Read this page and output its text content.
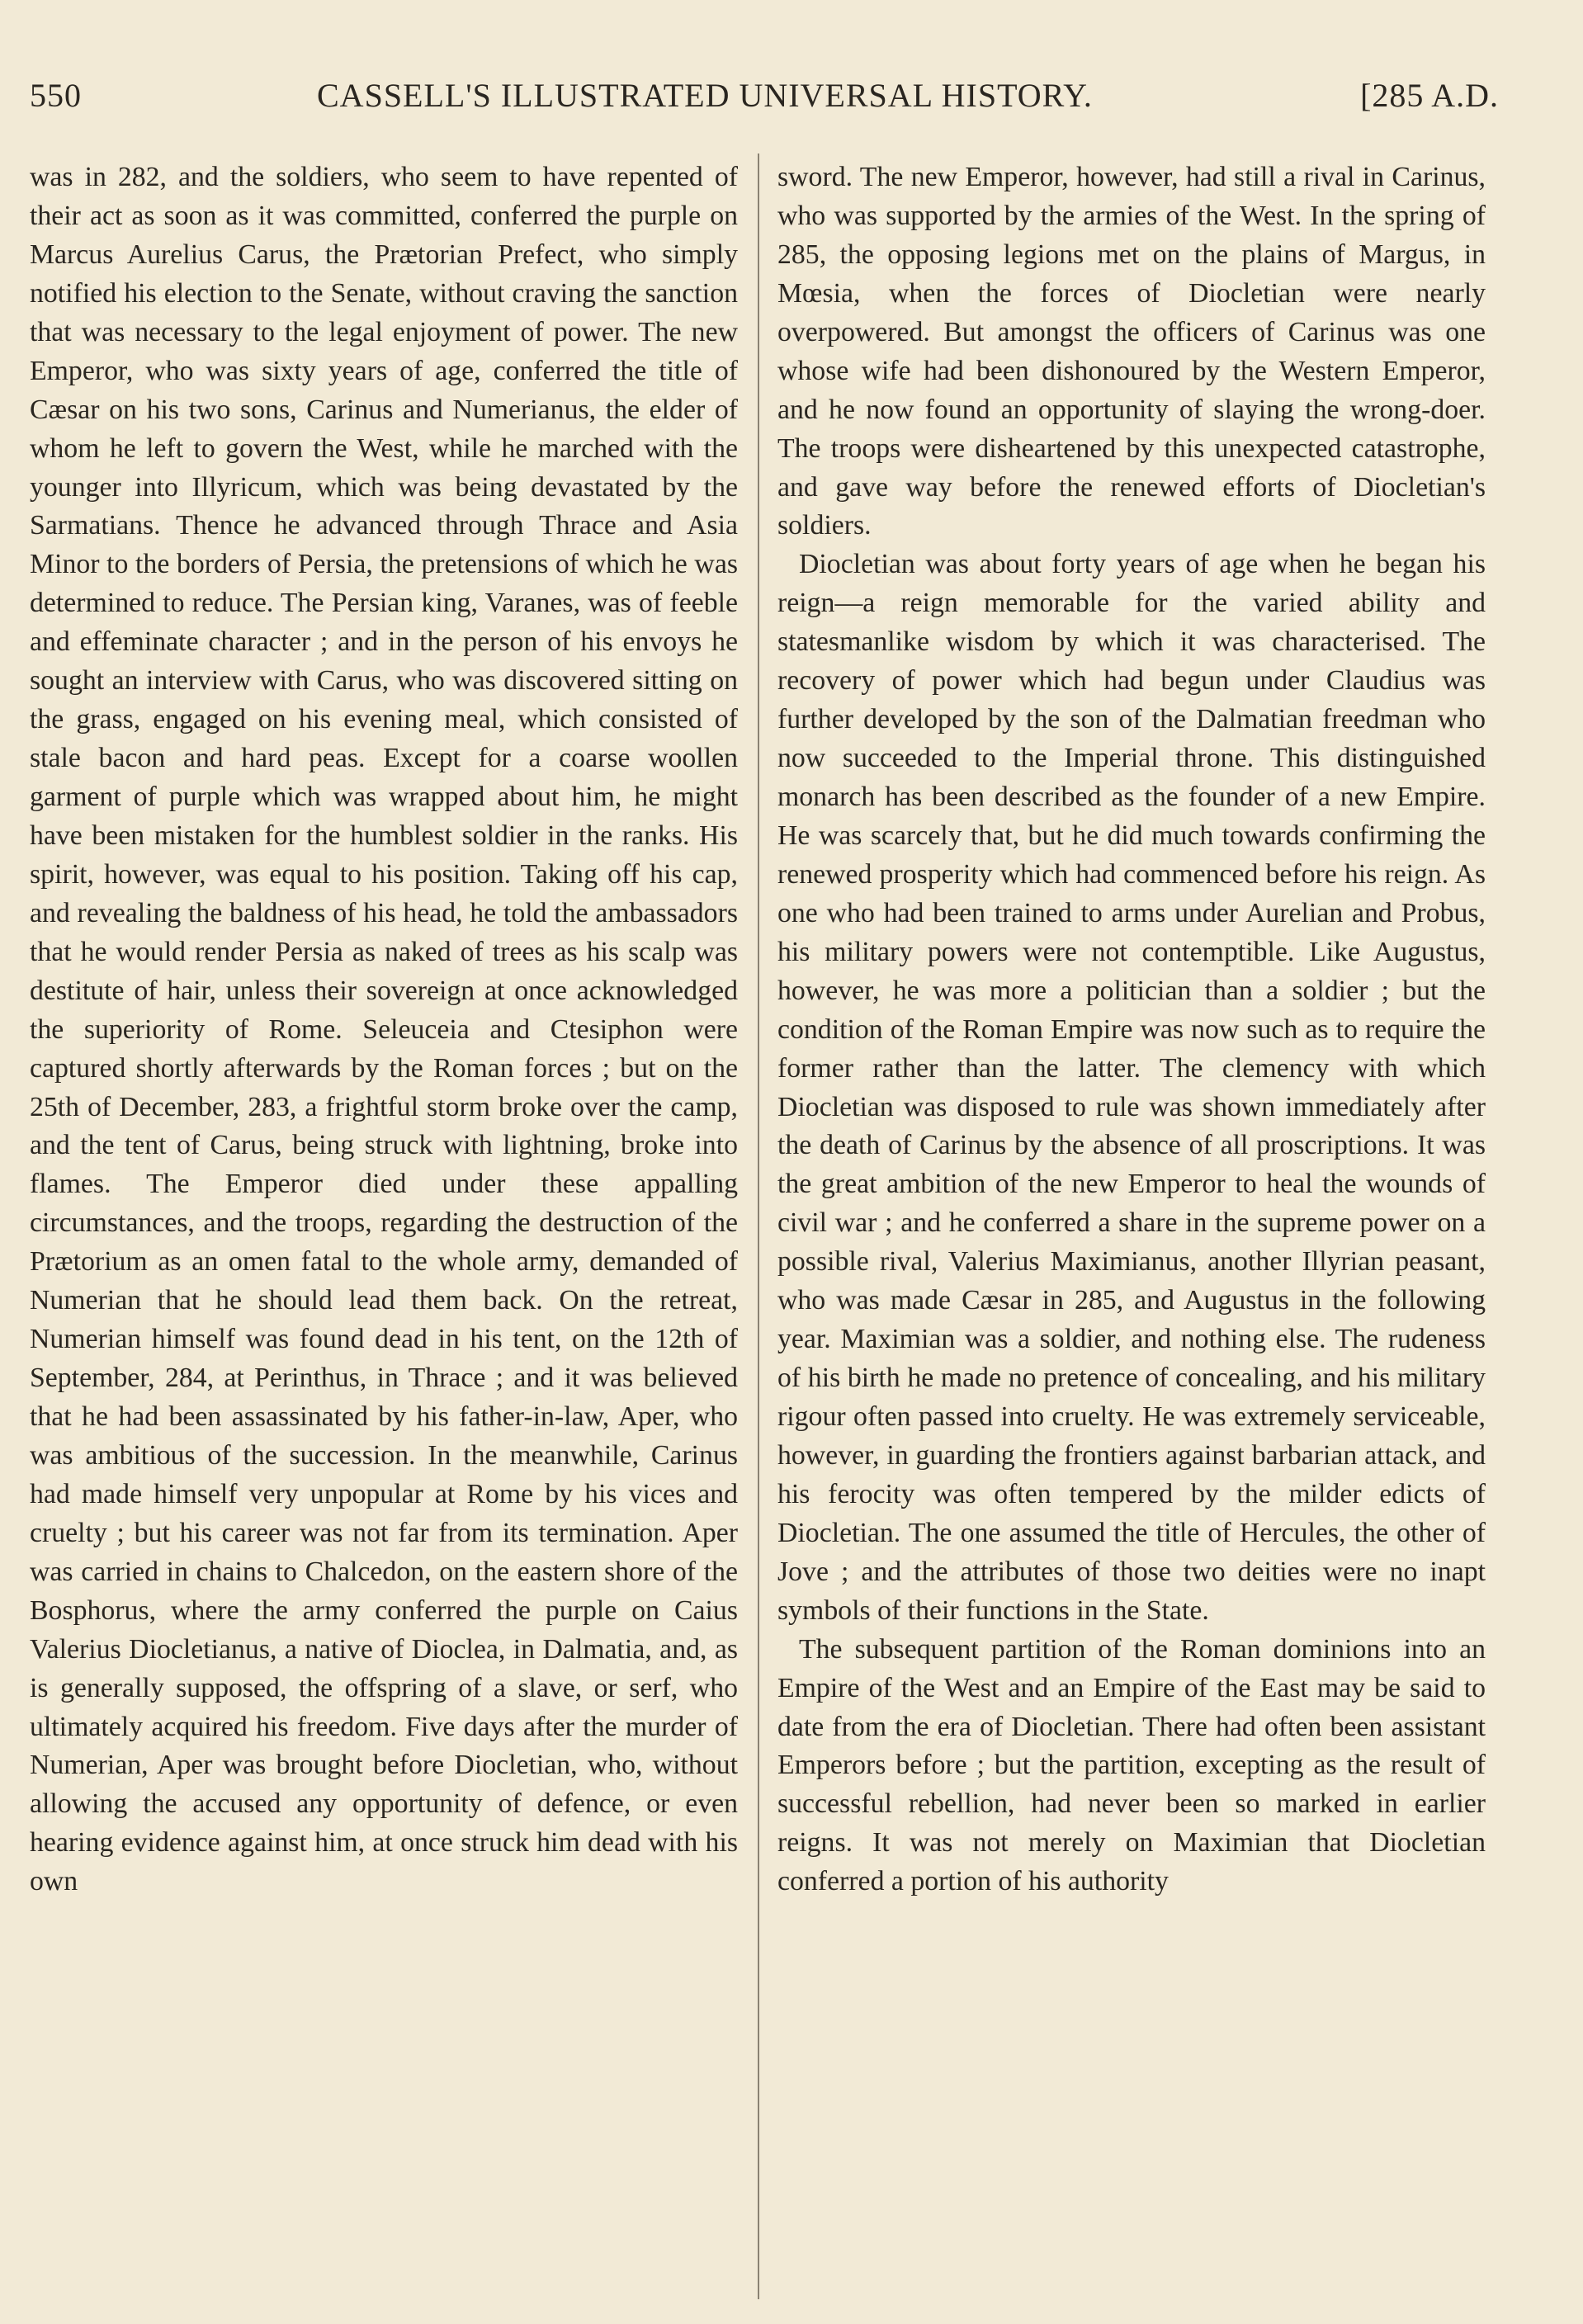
550	CASSELL'S ILLUSTRATED UNIVERSAL HISTORY.	[285 A.D.

was in 282, and the soldiers, who seem to have repented of their act as soon as it was committed, conferred the purple on Marcus Aurelius Carus, the Prætorian Prefect, who simply notified his election to the Senate, without craving the sanction that was necessary to the legal enjoyment of power. The new Emperor, who was sixty years of age, conferred the title of Cæsar on his two sons, Carinus and Numerianus, the elder of whom he left to govern the West, while he marched with the younger into Illyricum, which was being devastated by the Sarmatians. Thence he advanced through Thrace and Asia Minor to the borders of Persia, the pretensions of which he was determined to reduce. The Persian king, Varanes, was of feeble and effeminate character ; and in the person of his envoys he sought an interview with Carus, who was discovered sitting on the grass, engaged on his evening meal, which consisted of stale bacon and hard peas. Except for a coarse woollen garment of purple which was wrapped about him, he might have been mistaken for the humblest soldier in the ranks. His spirit, however, was equal to his position. Taking off his cap, and revealing the baldness of his head, he told the ambassadors that he would render Persia as naked of trees as his scalp was destitute of hair, unless their sovereign at once acknowledged the superiority of Rome. Seleuceia and Ctesiphon were captured shortly afterwards by the Roman forces ; but on the 25th of December, 283, a frightful storm broke over the camp, and the tent of Carus, being struck with lightning, broke into flames. The Emperor died under these appalling circumstances, and the troops, regarding the destruction of the Prætorium as an omen fatal to the whole army, demanded of Numerian that he should lead them back. On the retreat, Numerian himself was found dead in his tent, on the 12th of September, 284, at Perinthus, in Thrace ; and it was believed that he had been assassinated by his father-in-law, Aper, who was ambitious of the succession. In the meanwhile, Carinus had made himself very unpopular at Rome by his vices and cruelty ; but his career was not far from its termination. Aper was carried in chains to Chalcedon, on the eastern shore of the Bosphorus, where the army conferred the purple on Caius Valerius Diocletianus, a native of Dioclea, in Dalmatia, and, as is generally supposed, the offspring of a slave, or serf, who ultimately acquired his freedom. Five days after the murder of Numerian, Aper was brought before Diocletian, who, without allowing the accused any opportunity of defence, or even hearing evidence against him, at once struck him dead with his own

sword. The new Emperor, however, had still a rival in Carinus, who was supported by the armies of the West. In the spring of 285, the opposing legions met on the plains of Margus, in Mœsia, when the forces of Diocletian were nearly overpowered. But amongst the officers of Carinus was one whose wife had been dishonoured by the Western Emperor, and he now found an opportunity of slaying the wrong-doer. The troops were disheartened by this unexpected catastrophe, and gave way before the renewed efforts of Diocletian's soldiers.

Diocletian was about forty years of age when he began his reign—a reign memorable for the varied ability and statesmanlike wisdom by which it was characterised. The recovery of power which had begun under Claudius was further developed by the son of the Dalmatian freedman who now succeeded to the Imperial throne. This distinguished monarch has been described as the founder of a new Empire. He was scarcely that, but he did much towards confirming the renewed prosperity which had commenced before his reign. As one who had been trained to arms under Aurelian and Probus, his military powers were not contemptible. Like Augustus, however, he was more a politician than a soldier ; but the condition of the Roman Empire was now such as to require the former rather than the latter. The clemency with which Diocletian was disposed to rule was shown immediately after the death of Carinus by the absence of all proscriptions. It was the great ambition of the new Emperor to heal the wounds of civil war ; and he conferred a share in the supreme power on a possible rival, Valerius Maximianus, another Illyrian peasant, who was made Cæsar in 285, and Augustus in the following year. Maximian was a soldier, and nothing else. The rudeness of his birth he made no pretence of concealing, and his military rigour often passed into cruelty. He was extremely serviceable, however, in guarding the frontiers against barbarian attack, and his ferocity was often tempered by the milder edicts of Diocletian. The one assumed the title of Hercules, the other of Jove ; and the attributes of those two deities were no inapt symbols of their functions in the State.

The subsequent partition of the Roman dominions into an Empire of the West and an Empire of the East may be said to date from the era of Diocletian. There had often been assistant Emperors before ; but the partition, excepting as the result of successful rebellion, had never been so marked in earlier reigns. It was not merely on Maximian that Diocletian conferred a portion of his authority
